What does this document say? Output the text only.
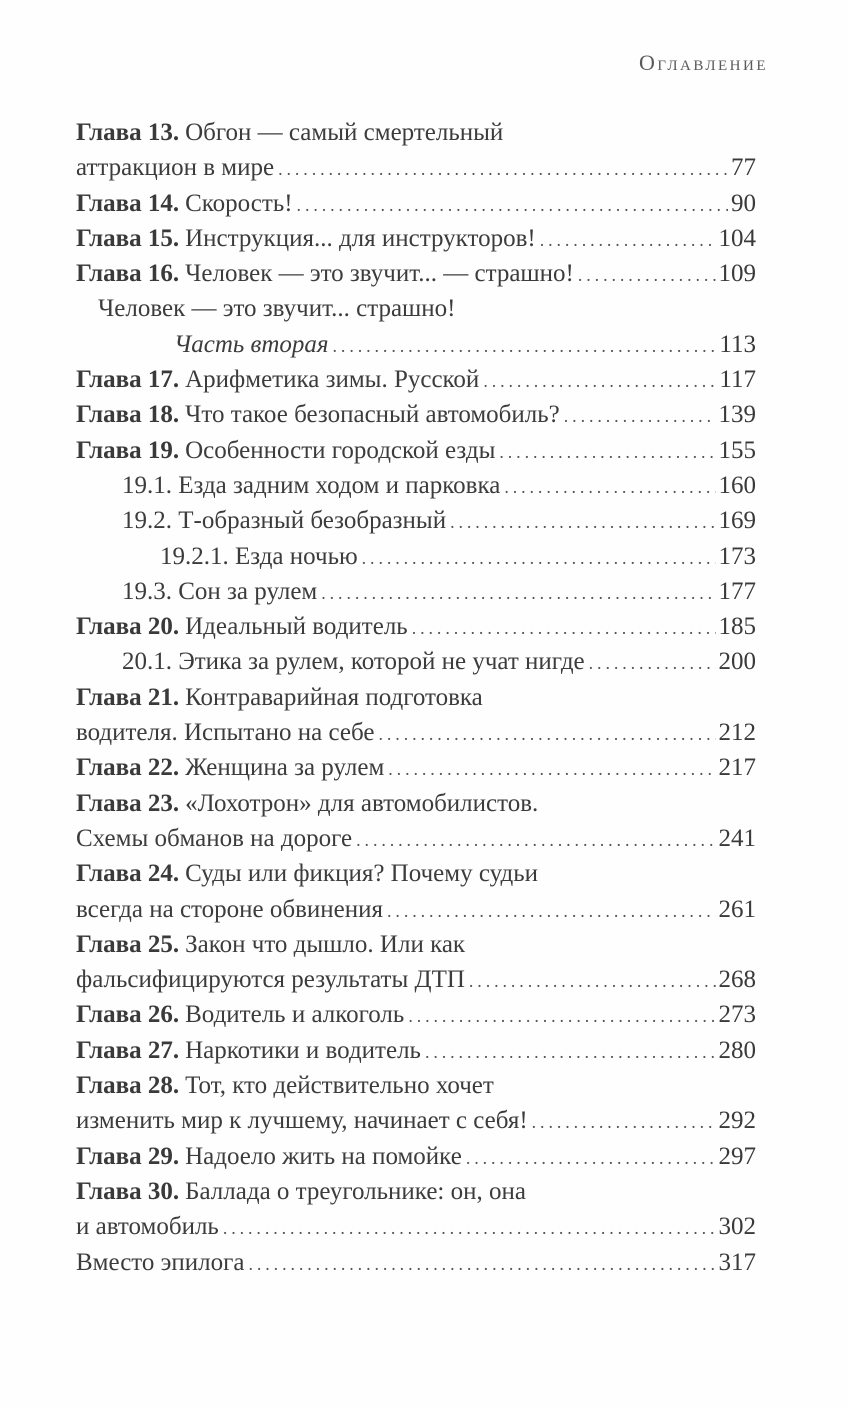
Оглавление
Глава 13. Обгон — самый смертельный
аттракцион в мире . . .	77
Глава 14. Скорость! . . .	90
Глава 15. Инструкция... для инструкторов! . . .	104
Глава 16. Человек — это звучит... — страшно! . . .	109
Человек — это звучит... страшно!
Часть вторая . . .	113
Глава 17. Арифметика зимы. Русской . . .	117
Глава 18. Что такое безопасный автомобиль? . . .	139
Глава 19. Особенности городской езды . . .	155
19.1. Езда задним ходом и парковка . . .	160
19.2. Т-образный безобразный . . .	169
19.2.1. Езда ночью . . .	173
19.3. Сон за рулем . . .	177
Глава 20. Идеальный водитель . . .	185
20.1. Этика за рулем, которой не учат нигде . . .	200
Глава 21. Контраварийная подготовка
водителя. Испытано на себе . . .	212
Глава 22. Женщина за рулем . . .	217
Глава 23. «Лохотрон» для автомобилистов.
Схемы обманов на дороге . . .	241
Глава 24. Суды или фикция? Почему судьи
всегда на стороне обвинения . . .	261
Глава 25. Закон что дышло. Или как
фальсифицируются результаты ДТП . . .	268
Глава 26. Водитель и алкоголь . . .	273
Глава 27. Наркотики и водитель . . .	280
Глава 28. Тот, кто действительно хочет
изменить мир к лучшему, начинает с себя! . . .	292
Глава 29. Надоело жить на помойке . . .	297
Глава 30. Баллада о треугольнике: он, она
и автомобиль . . .	302
Вместо эпилога . . .	317
